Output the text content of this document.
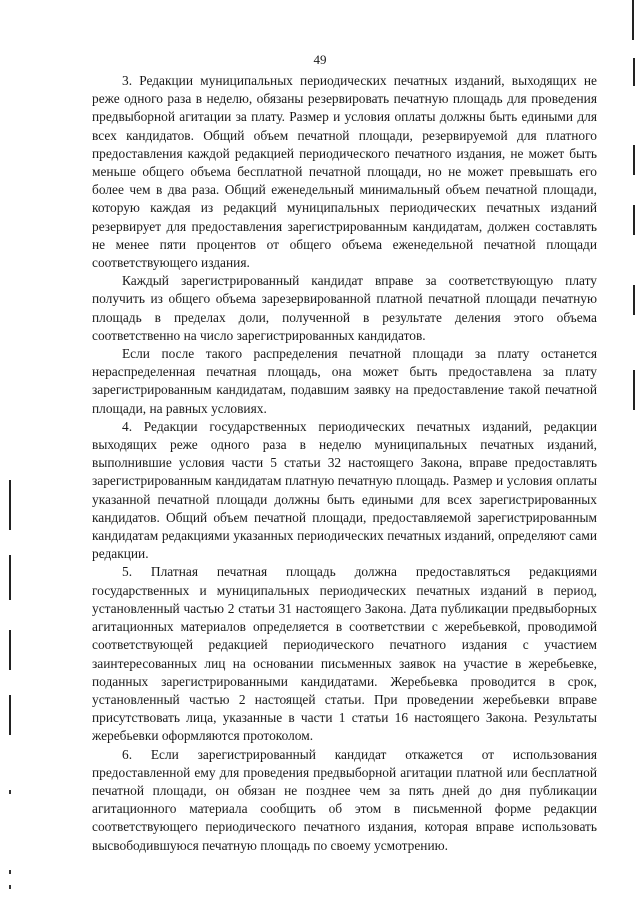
49

3. Редакции муниципальных периодических печатных изданий, выходящих не реже одного раза в неделю, обязаны резервировать печатную площадь для проведения предвыборной агитации за плату. Размер и условия оплаты должны быть едиными для всех кандидатов. Общий объем печатной площади, резервируемой для платного предоставления каждой редакцией периодического печатного издания, не может быть меньше общего объема бесплатной печатной площади, но не может превышать его более чем в два раза. Общий еженедельный минимальный объем печатной площади, которую каждая из редакций муниципальных периодических печатных изданий резервирует для предоставления зарегистрированным кандидатам, должен составлять не менее пяти процентов от общего объема еженедельной печатной площади соответствующего издания.

Каждый зарегистрированный кандидат вправе за соответствующую плату получить из общего объема зарезервированной платной печатной площади печатную площадь в пределах доли, полученной в результате деления этого объема соответственно на число зарегистрированных кандидатов.

Если после такого распределения печатной площади за плату останется нераспределенная печатная площадь, она может быть предоставлена за плату зарегистрированным кандидатам, подавшим заявку на предоставление такой печатной площади, на равных условиях.

4. Редакции государственных периодических печатных изданий, редакции выходящих реже одного раза в неделю муниципальных печатных изданий, выполнившие условия части 5 статьи 32 настоящего Закона, вправе предоставлять зарегистрированным кандидатам платную печатную площадь. Размер и условия оплаты указанной печатной площади должны быть едиными для всех зарегистрированных кандидатов. Общий объем печатной площади, предоставляемой зарегистрированным кандидатам редакциями указанных периодических печатных изданий, определяют сами редакции.

5. Платная печатная площадь должна предоставляться редакциями государственных и муниципальных периодических печатных изданий в период, установленный частью 2 статьи 31 настоящего Закона. Дата публикации предвыборных агитационных материалов определяется в соответствии с жеребьевкой, проводимой соответствующей редакцией периодического печатного издания с участием заинтересованных лиц на основании письменных заявок на участие в жеребьевке, поданных зарегистрированными кандидатами. Жеребьевка проводится в срок, установленный частью 2 настоящей статьи. При проведении жеребьевки вправе присутствовать лица, указанные в части 1 статьи 16 настоящего Закона. Результаты жеребьевки оформляются протоколом.

6. Если зарегистрированный кандидат откажется от использования предоставленной ему для проведения предвыборной агитации платной или бесплатной печатной площади, он обязан не позднее чем за пять дней до дня публикации агитационного материала сообщить об этом в письменной форме редакции соответствующего периодического печатного издания, которая вправе использовать высвободившуюся печатную площадь по своему усмотрению.
